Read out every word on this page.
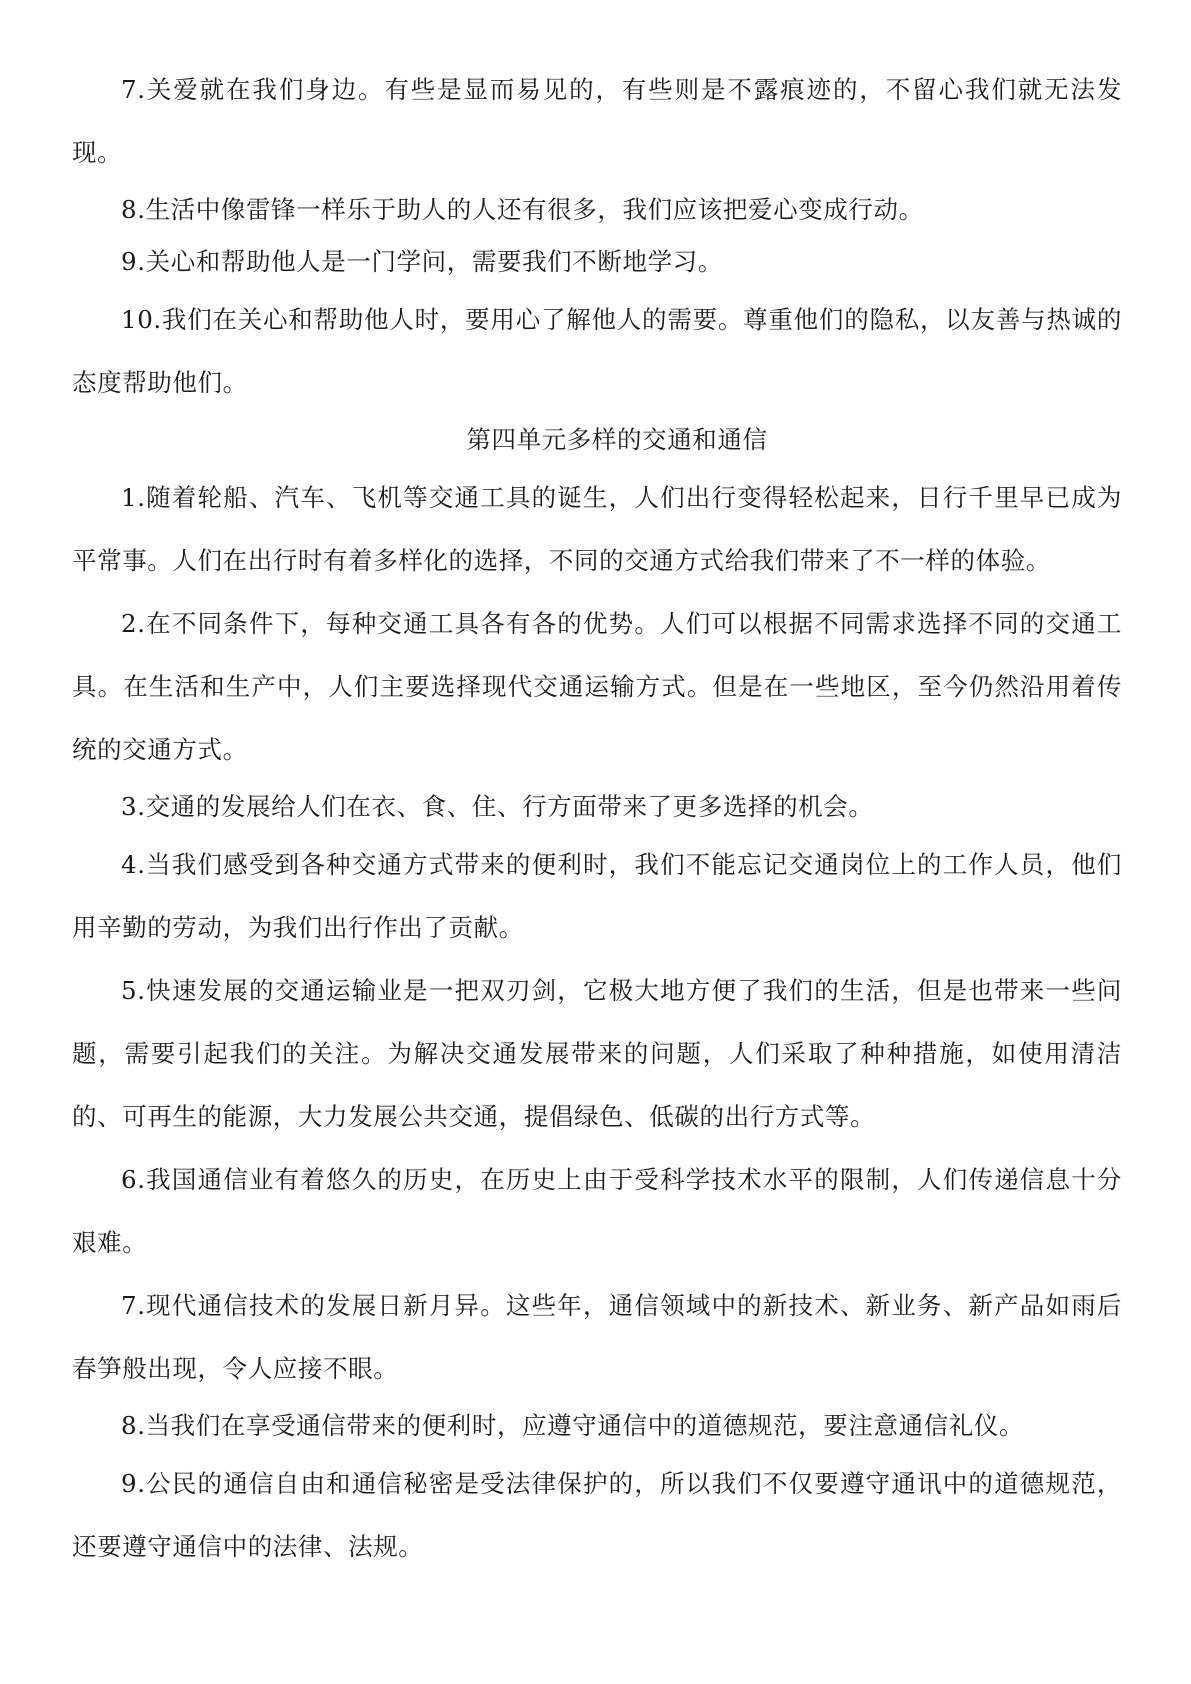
7.关爱就在我们身边。有些是显而易见的，有些则是不露痕迹的，不留心我们就无法发现。

8.生活中像雷锋一样乐于助人的人还有很多，我们应该把爱心变成行动。

9.关心和帮助他人是一门学问，需要我们不断地学习。

10.我们在关心和帮助他人时，要用心了解他人的需要。尊重他们的隐私，以友善与热诚的态度帮助他们。

第四单元多样的交通和通信

1.随着轮船、汽车、飞机等交通工具的诞生，人们出行变得轻松起来，日行千里早已成为平常事。人们在出行时有着多样化的选择，不同的交通方式给我们带来了不一样的体验。

2.在不同条件下，每种交通工具各有各的优势。人们可以根据不同需求选择不同的交通工具。在生活和生产中，人们主要选择现代交通运输方式。但是在一些地区，至今仍然沿用着传统的交通方式。

3.交通的发展给人们在衣、食、住、行方面带来了更多选择的机会。

4.当我们感受到各种交通方式带来的便利时，我们不能忘记交通岗位上的工作人员，他们用辛勤的劳动，为我们出行作出了贡献。

5.快速发展的交通运输业是一把双刃剑，它极大地方便了我们的生活，但是也带来一些问题，需要引起我们的关注。为解决交通发展带来的问题，人们采取了种种措施，如使用清洁的、可再生的能源，大力发展公共交通，提倡绿色、低碳的出行方式等。

6.我国通信业有着悠久的历史，在历史上由于受科学技术水平的限制，人们传递信息十分艰难。

7.现代通信技术的发展日新月异。这些年，通信领域中的新技术、新业务、新产品如雨后春笋般出现，令人应接不眼。

8.当我们在享受通信带来的便利时，应遵守通信中的道德规范，要注意通信礼仪。

9.公民的通信自由和通信秘密是受法律保护的，所以我们不仅要遵守通讯中的道德规范，还要遵守通信中的法律、法规。
